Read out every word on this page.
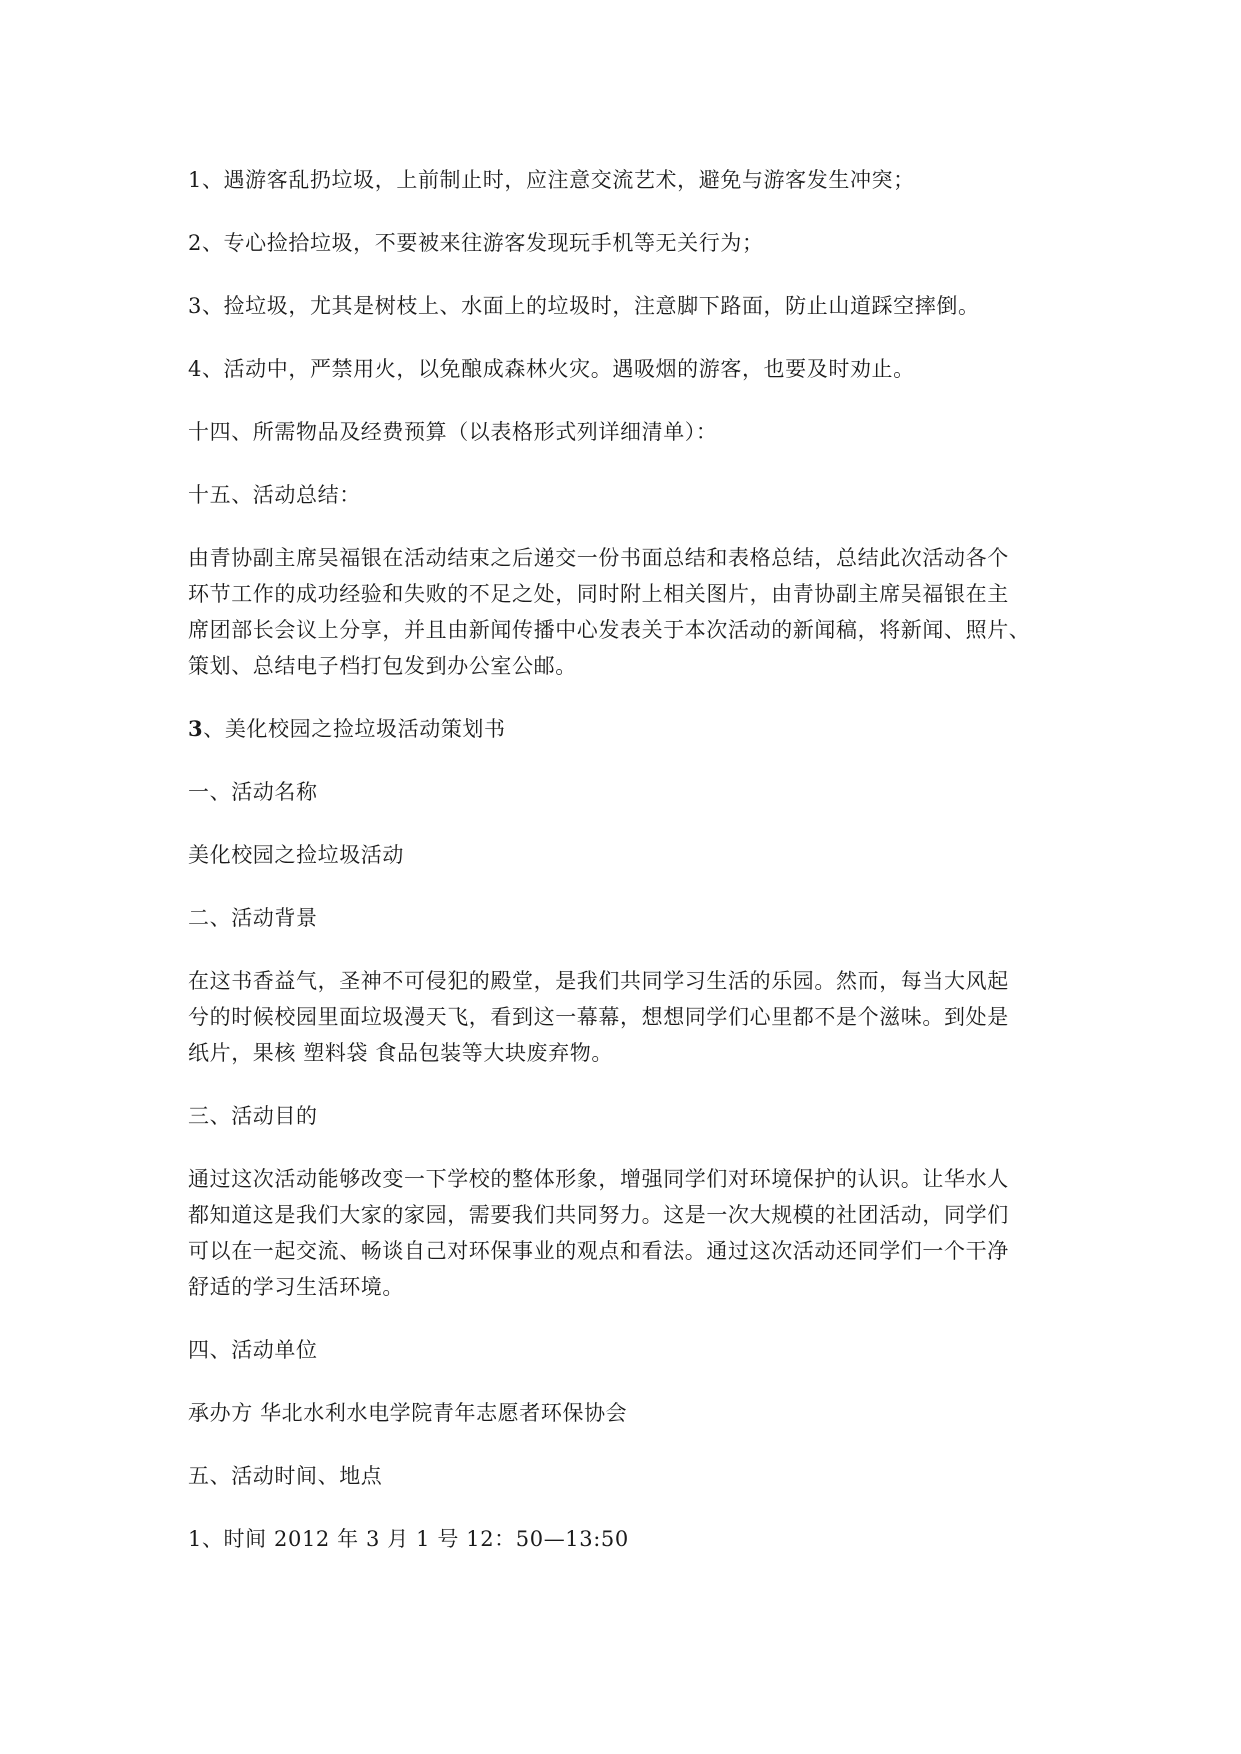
1、遇游客乱扔垃圾，上前制止时，应注意交流艺术，避免与游客发生冲突；

2、专心捡拾垃圾，不要被来往游客发现玩手机等无关行为；

3、捡垃圾，尤其是树枝上、水面上的垃圾时，注意脚下路面，防止山道踩空摔倒。

4、活动中，严禁用火，以免酿成森林火灾。遇吸烟的游客，也要及时劝止。

十四、所需物品及经费预算（以表格形式列详细清单）：

十五、活动总结：

由青协副主席吴福银在活动结束之后递交一份书面总结和表格总结，总结此次活动各个

环节工作的成功经验和失败的不足之处，同时附上相关图片，由青协副主席吴福银在主

席团部长会议上分享，并且由新闻传播中心发表关于本次活动的新闻稿，将新闻、照片、

策划、总结电子档打包发到办公室公邮。

3、美化校园之捡垃圾活动策划书

一、活动名称

美化校园之捡垃圾活动

二、活动背景

在这书香益气，圣神不可侵犯的殿堂，是我们共同学习生活的乐园。然而，每当大风起

兮的时候校园里面垃圾漫天飞，看到这一幕幕，想想同学们心里都不是个滋味。到处是

纸片，果核 塑料袋 食品包装等大块废弃物。

三、活动目的

通过这次活动能够改变一下学校的整体形象，增强同学们对环境保护的认识。让华水人

都知道这是我们大家的家园，需要我们共同努力。这是一次大规模的社团活动，同学们

可以在一起交流、畅谈自己对环保事业的观点和看法。通过这次活动还同学们一个干净

舒适的学习生活环境。

四、活动单位

承办方 华北水利水电学院青年志愿者环保协会

五、活动时间、地点

1、时间 2012 年 3 月 1 号 12：50—13:50
